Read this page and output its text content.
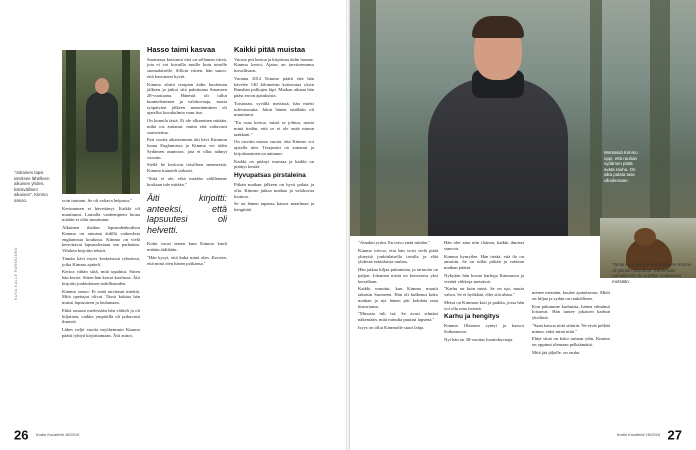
"Jokainen lapsi tarvitsee lähelleen aikuisen yhden, kärsivällisen aikuisen", Kimmo sanoo.	voin tarinani. Se oli valtava helpotus."

Kertominen ei hävettänyt. Kaikki oli muuttunut. Lomalla vanhempieni luona mitään ei ollut muuttunut.

Alkuinen ihailun lapsuudenkodissa Kimmo on ainoana äidillä vaikeuksia englannista koulussa. Kimmo on vielä kerrottavat lapsuudestaan sen parhaiten. Vihdoin kirjoitin tekstit.

Tämän kävi myös keskeisissä ryhmissä, jotka Kimmo ajatteli.

Kertoa vähän siitä, mitä tapahtui. Sitten hän kertoi. Sitten hän kertoi koulussa. Äiti kirjoitti jonkinlaisen todellisuuden.

Kimmo sanoo: Ei enää tarvinnut miettiä. Mitä opettajat olivat. Tässä kohtaa hän muisti lapsuuteen ja laulamaan.

Ehkä omasta mielestään hän vältteli ja oli hiljainen, vaikka ympärillä oli jatkuvasti ihmisiä.

Lähes neljä vuotta myöhemmin Kimmo päätti ryhtyä kirjoittamaan. Äiti auttoi.

Hasso taimi kasvaa

Suomessa kasvanut väri on sellainen väreä, jota ei voi kuvailla muille kuin toiselle suomalaiselle. Silloin värien, hän sanoo, että kasvaneet hyvät.

Kimmo aloitti terapian äidin kuoleman jälkeen ja jatkoi sitä paluttuaan Suomeen 28-vuotiaana. Hänestä oli tullut kuunteleminen ja valokuvaaja, mutta työpäivien jälkeen menettäminen oli ajatellut kuvakulmia vaan itse.

On kumula tästä. Ei ole olkaminen mitään, mikä ois auttanut, mutta että valtavasti saavutettua.

Pari vuotta aikaisemmin äiti kävi Kimmon luona Englannissa ja Kimmo vei äidin Sydämen asuntoon, jota ei ollut nähnyt vuosiin.

Siellä he kertovat toisilleen menneestä. Kimmo kuunteli tarkasti.

"Siitä ei ole, eikä meidän välillemme koskaan tule mitään."

Äiti kirjoitti: anteeksi, että lapsuutesi oli helvetti.

Kului vuosi ennen kuin Kimmo kuuli mitään äidiltään.

"Hän kysyi, että kuka minä olen. Kerroin, että minä olen hänen poikansa."

Kaikki pitää muistaa

Vuosia piti kertoa ja kirjoittaa äidin luonne. Kimmo kertoi, Ajatus on tarvitsemansa turvallisuus.

Vuonna 2012 Kimmo päätti että hän kävelee 140 kilometrin kotiseutua yksin Ranskan polkujen läpi. Matkan aikana hän pääsi eroon ajatuksista.

Toisinaan, syvällä metsissä, hän mietti tulevaisuutta. Jokin hänen sisällään oli muuttunut.

"En osaa kertoa, mistä se johtuu, mutta minä tiedän, että se ei ole enää minun taakkani."

On tarvittu monta vuotta, että Kimmo voi ajatella niin. Terapeutti on auttanut ja kirjoittaminen on auttanut.

Kaikki on pitänyt muistaa ja kaikki on pitänyt kestää.

Hyvupatsas pirstaleina

Pitkän matkan jälkeen on hyvä palata ja olla. Kimmo jatkaa matkaa ja valokuvaa luontoa.

Se on hänen tapansa katsoa maailmaa ja hengittää.

KUVA KALLE PARKKINEN
26 Kodin Kuvalehti 18/2016
Metsässä Kimmo oppi, että rauhan sydämen pitää avata rauha. On aika palata taas ulkoilemaan.

"Ainakin yritin. En toivo enää mitään."

Kimmo toivoo, että hän voisi vielä pitää yhteyttä jonkinlaisella tavalla ja elää yhdessä eräänlaista rauhaa.

Hän jatkaa hiljaa puhumista, ja tarinoita on paljon. Jokainen niistä on kerrottava yksi kerrallaan.

Kaikki muuttui, kun Kimmo muutti takaisin Suomeen. Hän oli kulkenut koko matkan ja nyt hänen piti kohdata oma historiansa.

"Minusta tuli isä. Se avasi silmäni näkemään, mitä minulta puuttui lapsena."

Isyys on ollut Kimmolle suuri lahja.

Hän olet aina niin iloinen, kaikki ihmiset sanovat.

Kimmo hymyilee. Hän tietää, että ilo on ansaittu. Se on tullut pitkän ja vaikean matkan päästä.

Nykyään hän kuvaa karhuja Kainuussa ja viettää viikkoja metsässä.

"Karhu on kuin minä. Se on ujo, mutta vahva. Se ei hyökkää, ellei sitä uhata."

Metsä on Kimmon koti ja paikka, jossa hän voi olla oma itsensä.

Karhu ja hengitys

Kimmo Ohtonen syntyi ja kasvoi Sotkamossa.

Nyt hän on 38-vuotias luontokuvaaja.

Tämän unnakarhun kohtaaminen Kimmo oli pitkään odottanut. Karhu kulki rauhallisesti ohi ja jatkoi matkaansa metsään.

menee metsään, kuulee ajatuksensa. Mieli on hiljaa ja sydän on rauhallinen.

Kun puhumme karhuista, hänen silmänsä loistavat. Hän tuntee jokaisen karhun yksilönä.

"Saan katsoa niitä silmiin. Ne eivät pelkää minua, enkä minä niitä."

Ehkä siinä on koko tarinan ydin. Kimmo on oppinut olemaan pelkäämättä.

Mitä jää jäljelle, on rauha.

Kodin Kuvalehti 18/2016 27
